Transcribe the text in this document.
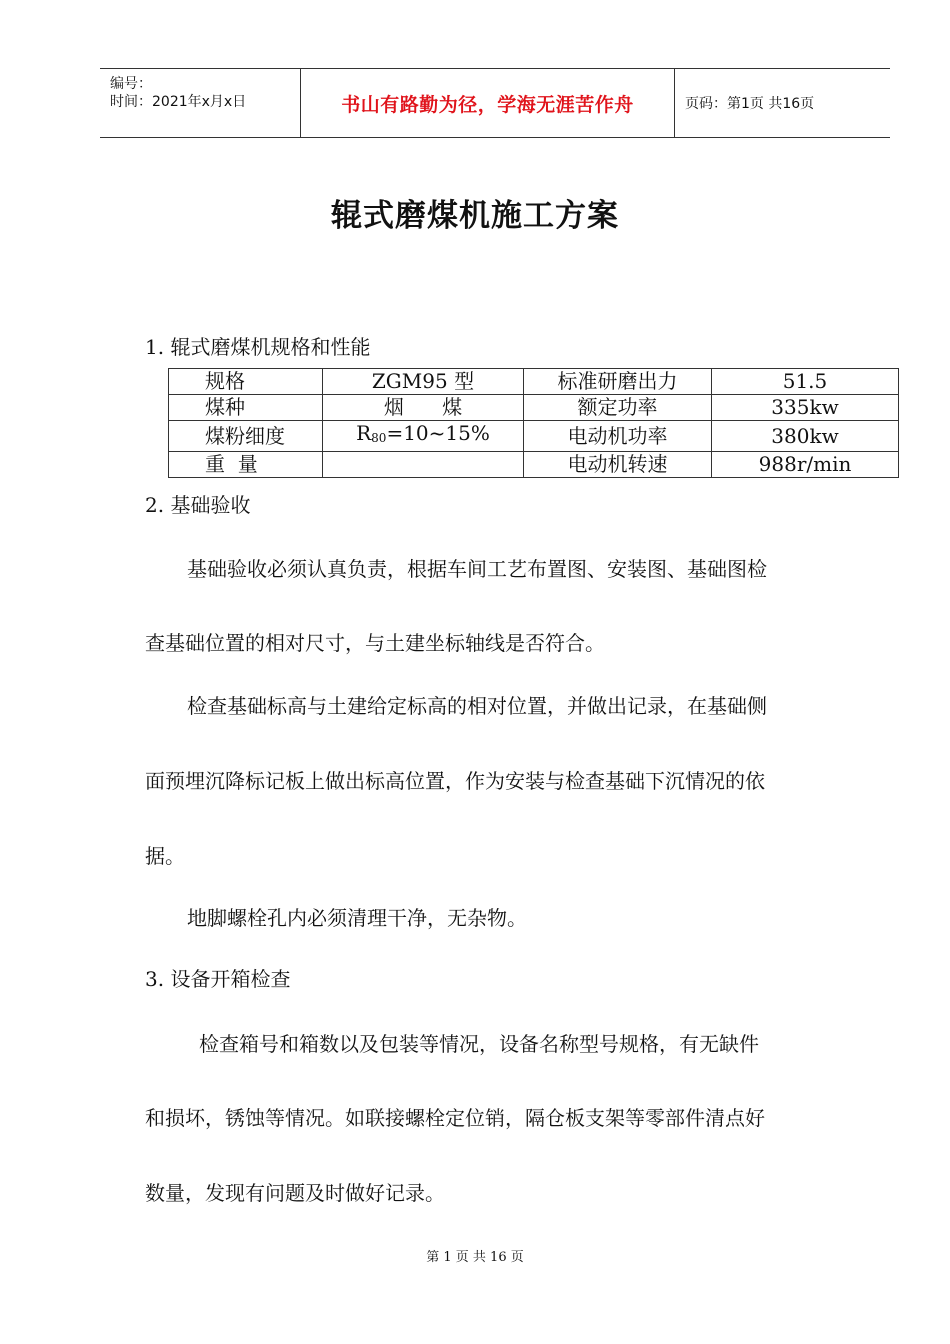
编号：
时间：2021年x月x日	书山有路勤为径，学海无涯苦作舟	页码：第1页 共16页
辊式磨煤机施工方案
1. 辊式磨煤机规格和性能
规格	ZGM95 型	标准研磨出力	51.5
煤种	烟      煤	额定功率	335kw
煤粉细度	$R_{80}=10\sim 15\%$	电动机功率	380kw
重  量		电动机转速	988r/min
2. 基础验收
基础验收必须认真负责，根据车间工艺布置图、安装图、基础图检
查基础位置的相对尺寸，与土建坐标轴线是否符合。
检查基础标高与土建给定标高的相对位置，并做出记录，在基础侧
面预埋沉降标记板上做出标高位置，作为安装与检查基础下沉情况的依
据。
地脚螺栓孔内必须清理干净，无杂物。
3. 设备开箱检查
检查箱号和箱数以及包装等情况，设备名称型号规格，有无缺件
和损坏，锈蚀等情况。如联接螺栓定位销，隔仓板支架等零部件清点好
数量，发现有问题及时做好记录。
第 1 页 共 16 页
